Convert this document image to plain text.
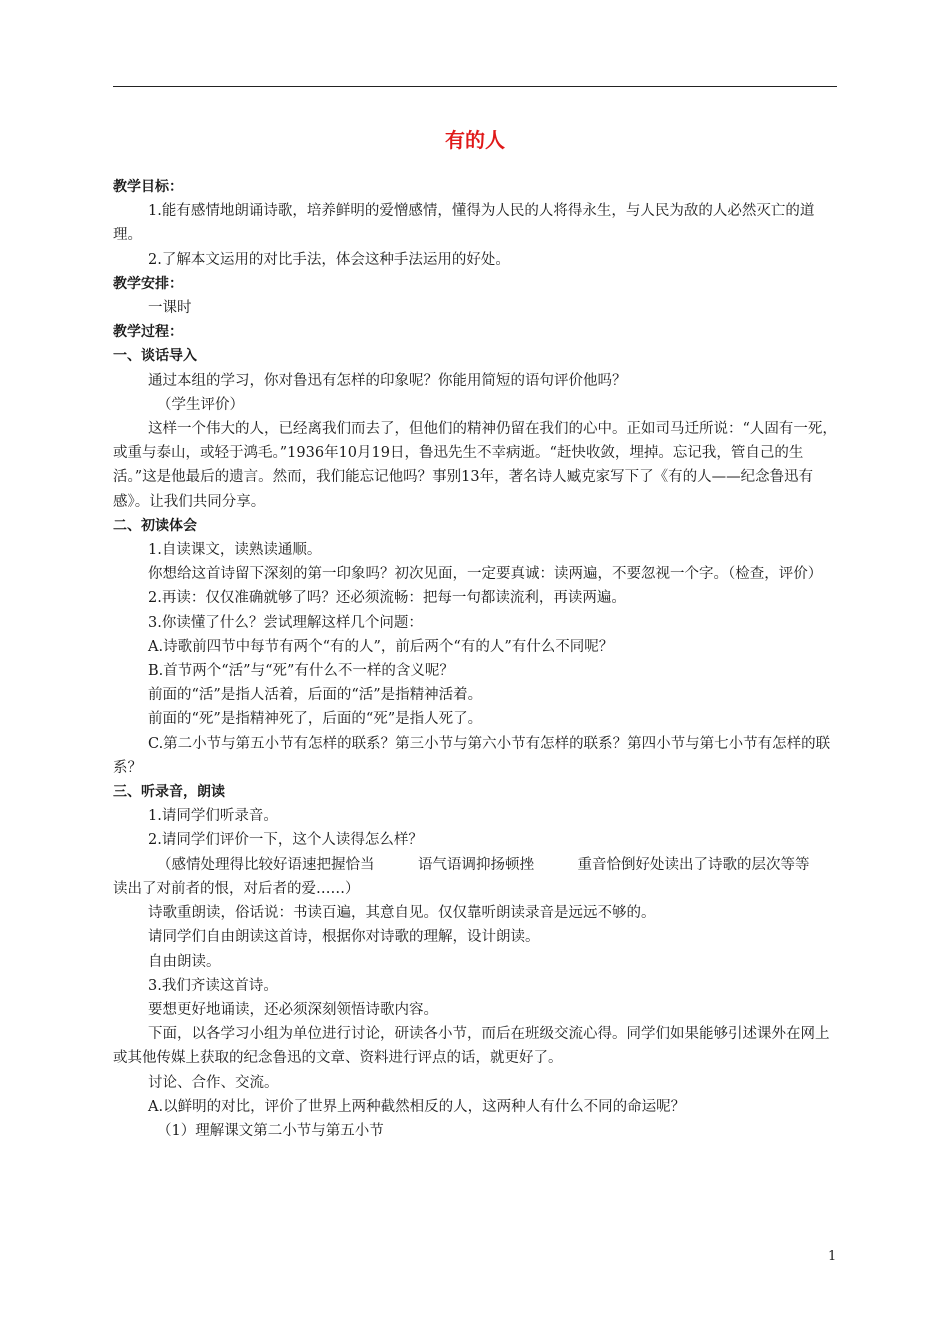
有的人

教学目标：

1.能有感情地朗诵诗歌，培养鲜明的爱憎感情，懂得为人民的人将得永生，与人民为敌的人必然灭亡的道理。

2.了解本文运用的对比手法，体会这种手法运用的好处。

教学安排：

一课时

教学过程：

一、谈话导入

通过本组的学习，你对鲁迅有怎样的印象呢？你能用简短的语句评价他吗？

（学生评价）

这样一个伟大的人，已经离我们而去了，但他们的精神仍留在我们的心中。正如司马迁所说：“人固有一死，或重与泰山，或轻于鸿毛。”1936年10月19日，鲁迅先生不幸病逝。“赶快收敛，埋掉。忘记我，管自己的生活。”这是他最后的遗言。然而，我们能忘记他吗？事别13年，著名诗人臧克家写下了《有的人——纪念鲁迅有感》。让我们共同分享。

二、初读体会

1.自读课文，读熟读通顺。

你想给这首诗留下深刻的第一印象吗？初次见面，一定要真诚：读两遍，不要忽视一个字。（检查，评价）

2.再读：仅仅准确就够了吗？还必须流畅：把每一句都读流利，再读两遍。

3.你读懂了什么？尝试理解这样几个问题：

A.诗歌前四节中每节有两个“有的人”，前后两个“有的人”有什么不同呢？

B.首节两个“活”与“死”有什么不一样的含义呢？

前面的“活”是指人活着，后面的“活”是指精神活着。

前面的“死”是指精神死了，后面的“死”是指人死了。

C.第二小节与第五小节有怎样的联系？第三小节与第六小节有怎样的联系？第四小节与第七小节有怎样的联系？

三、听录音，朗读

1.请同学们听录音。

2.请同学们评价一下，这个人读得怎么样？

（感情处理得比较好语速把握恰当　　　语气语调抑扬顿挫　　　重音恰倒好处读出了诗歌的层次等等　　读出了对前者的恨，对后者的爱……）

诗歌重朗读，俗话说：书读百遍，其意自见。仅仅靠听朗读录音是远远不够的。

请同学们自由朗读这首诗，根据你对诗歌的理解，设计朗读。

自由朗读。

3.我们齐读这首诗。

要想更好地诵读，还必须深刻领悟诗歌内容。

下面，以各学习小组为单位进行讨论，研读各小节，而后在班级交流心得。同学们如果能够引述课外在网上或其他传媒上获取的纪念鲁迅的文章、资料进行评点的话，就更好了。

讨论、合作、交流。

A.以鲜明的对比，评价了世界上两种截然相反的人，这两种人有什么不同的命运呢？

（1）理解课文第二小节与第五小节

1
